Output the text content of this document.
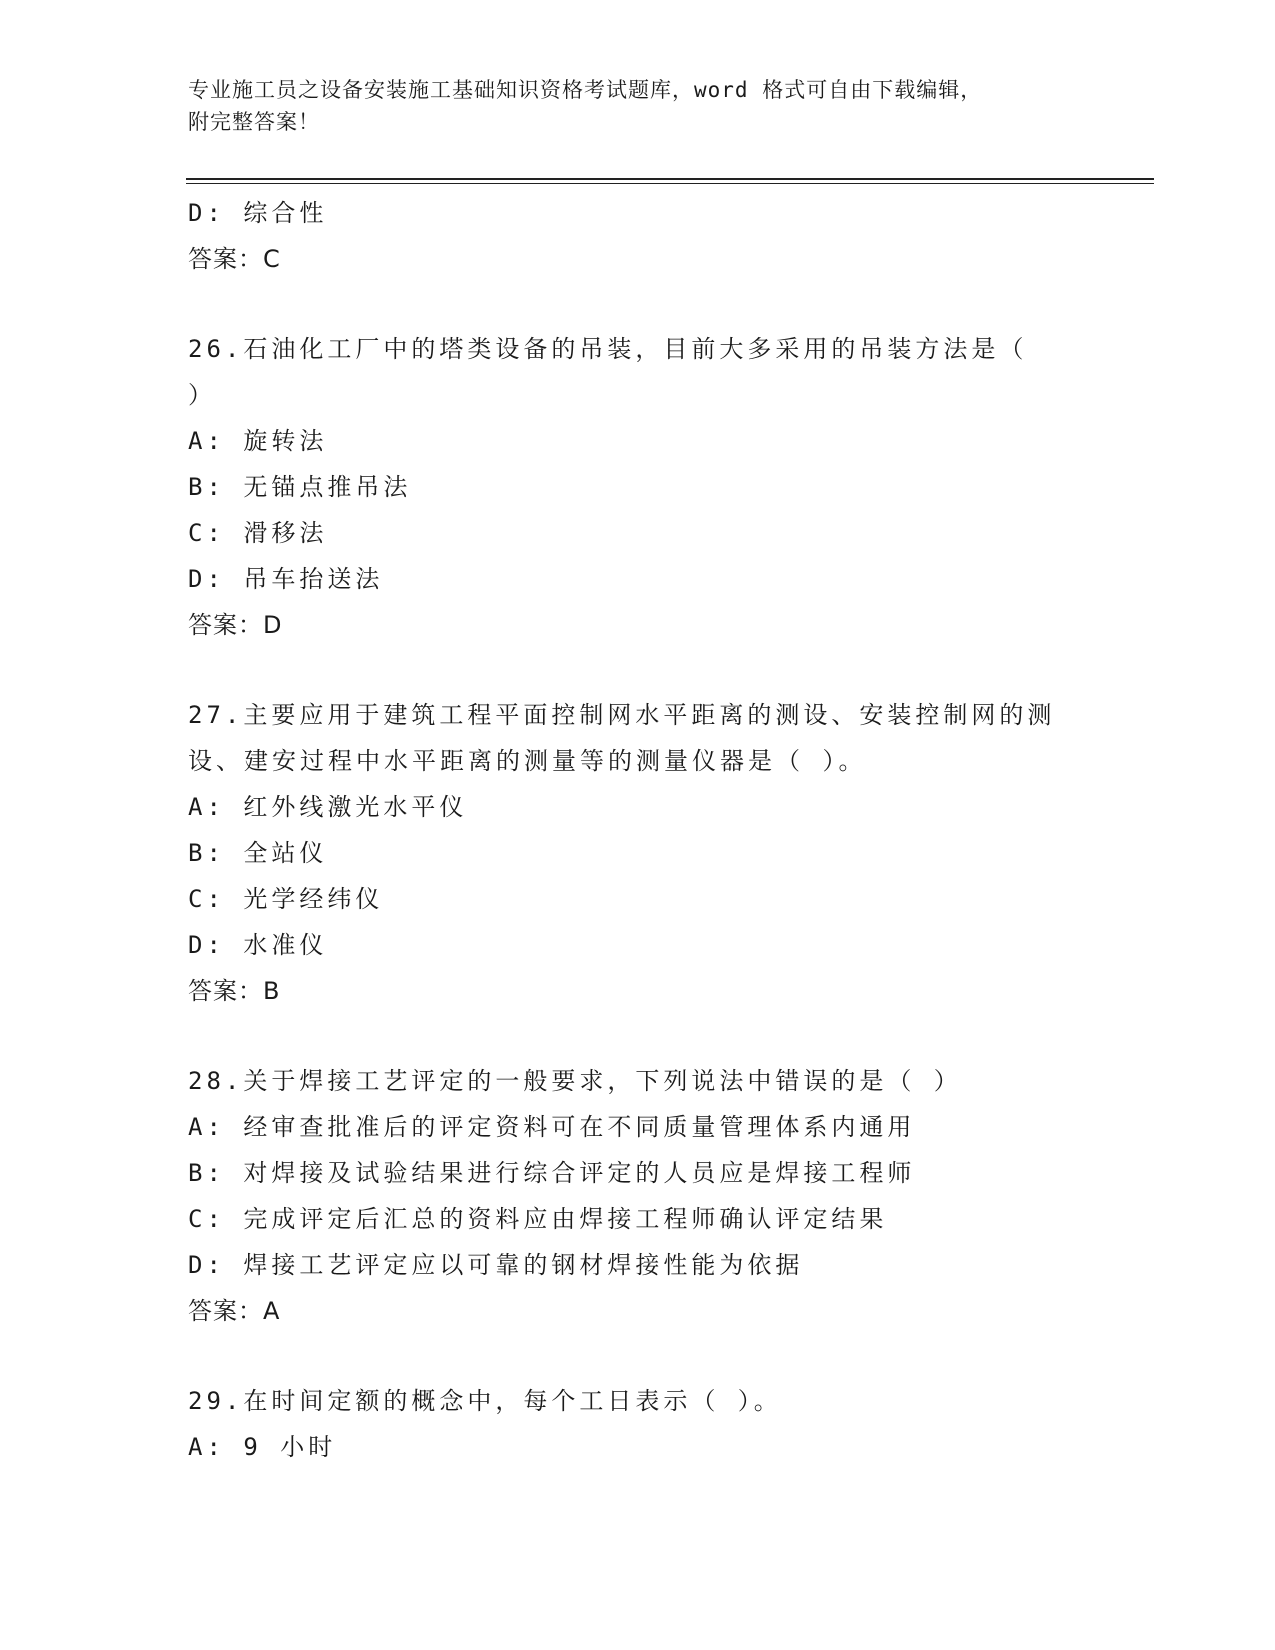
专业施工员之设备安装施工基础知识资格考试题库，word 格式可自由下载编辑，
附完整答案！
D: 综合性
答案：C
26.石油化工厂中的塔类设备的吊装，目前大多采用的吊装方法是（
）
A: 旋转法
B: 无锚点推吊法
C: 滑移法
D: 吊车抬送法
答案：D
27.主要应用于建筑工程平面控制网水平距离的测设、安装控制网的测
设、建安过程中水平距离的测量等的测量仪器是（ ）。
A: 红外线激光水平仪
B: 全站仪
C: 光学经纬仪
D: 水准仪
答案：B
28.关于焊接工艺评定的一般要求，下列说法中错误的是（ ）
A: 经审查批准后的评定资料可在不同质量管理体系内通用
B: 对焊接及试验结果进行综合评定的人员应是焊接工程师
C: 完成评定后汇总的资料应由焊接工程师确认评定结果
D: 焊接工艺评定应以可靠的钢材焊接性能为依据
答案：A
29.在时间定额的概念中，每个工日表示（ ）。
A: 9 小时
